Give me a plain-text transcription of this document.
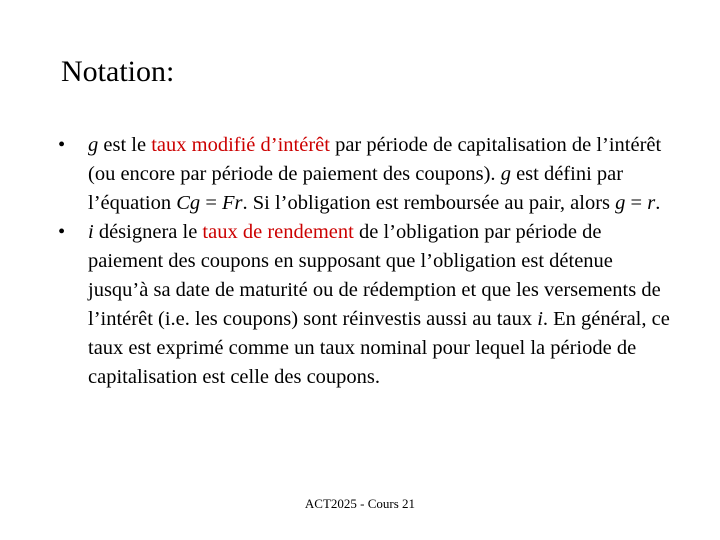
Notation:
• g est le taux modifié d’intérêt par période de capitalisation de l’intérêt (ou encore par période de paiement des coupons). g est défini par l’équation Cg = Fr. Si l’obligation est remboursée au pair, alors g = r.
• i désignera le taux de rendement de l’obligation par période de paiement des coupons en supposant que l’obligation est détenue jusqu’à sa date de maturité ou de rédemption et que les versements de l’intérêt (i.e. les coupons) sont réinvestis aussi au taux i. En général, ce taux est exprimé comme un taux nominal pour lequel la période de capitalisation est celle des coupons.
ACT2025 - Cours 21
